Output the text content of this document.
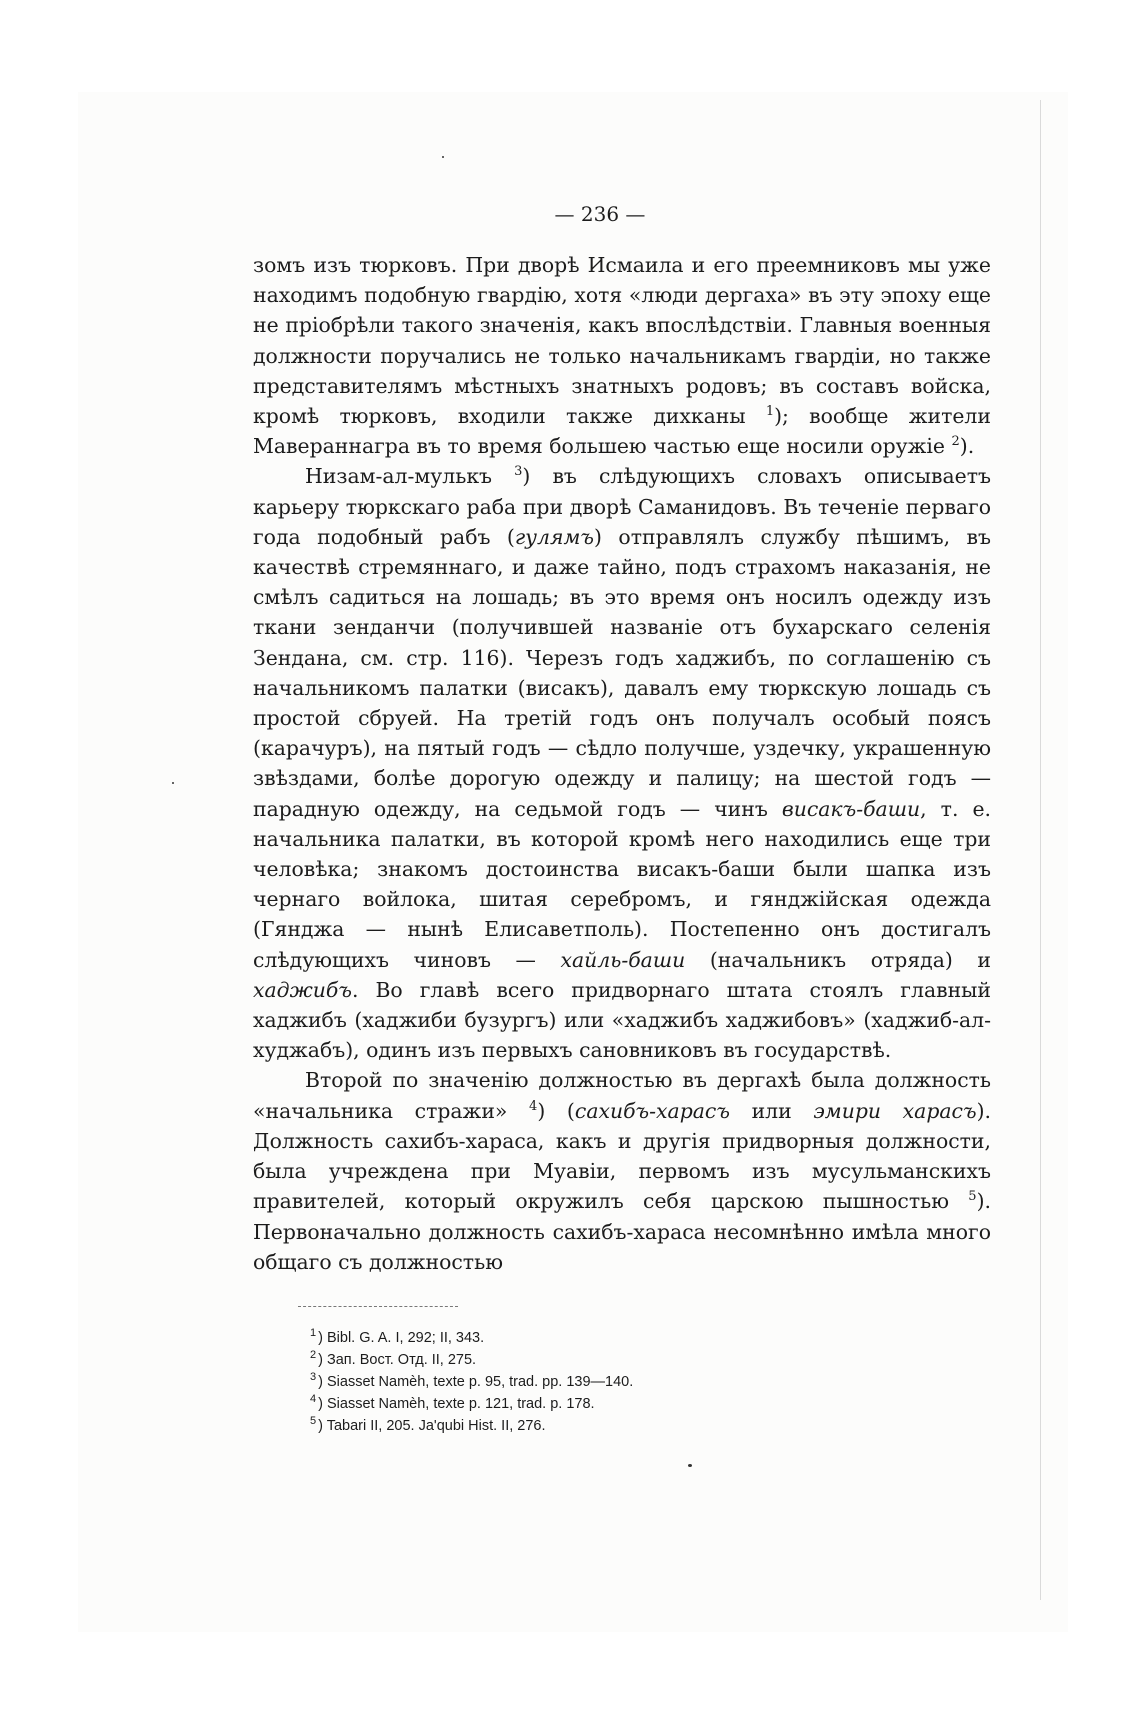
— 236 —

зомъ изъ тюрковъ. При дворѣ Исмаила и его преемниковъ мы уже находимъ подобную гвардію, хотя «люди дергаха» въ эту эпоху еще не пріобрѣли такого значенія, какъ впослѣдствіи. Главныя военныя должности поручались не только начальникамъ гвардіи, но также представителямъ мѣстныхъ знатныхъ родовъ; въ составъ войска, кромѣ тюрковъ, входили также дихканы $^1$); вообще жители Мавераннагра въ то время большею частью еще носили оружіе $^2$).

Низам-ал-мулькъ $^3$) въ слѣдующихъ словахъ описываетъ карьеру тюркскаго раба при дворѣ Саманидовъ. Въ теченіе перваго года подобный рабъ (гулямъ) отправлялъ службу пѣшимъ, въ качествѣ стремяннаго, и даже тайно, подъ страхомъ наказанія, не смѣлъ садиться на лошадь; въ это время онъ носилъ одежду изъ ткани зенданчи (получившей названіе отъ бухарскаго селенія Зендана, см. стр. 116). Черезъ годъ хаджибъ, по соглашенію съ начальникомъ палатки (висакъ), давалъ ему тюркскую лошадь съ простой сбруей. На третій годъ онъ получалъ особый поясъ (карачуръ), на пятый годъ — сѣдло получше, уздечку, украшенную звѣздами, болѣе дорогую одежду и палицу; на шестой годъ — парадную одежду, на седьмой годъ — чинъ висакъ-баши, т. е. начальника палатки, въ которой кромѣ него находились еще три человѣка; знакомъ достоинства висакъ-баши были шапка изъ чернаго войлока, шитая серебромъ, и гянджійская одежда (Гянджа — нынѣ Елисаветполь). Постепенно онъ достигалъ слѣдующихъ чиновъ — хайль-баши (начальникъ отряда) и хаджибъ. Во главѣ всего придворнаго штата стоялъ главный хаджибъ (хаджиби бузургъ) или «хаджибъ хаджибовъ» (хаджиб-ал-худжабъ), одинъ изъ первыхъ сановниковъ въ государствѣ.

Второй по значенію должностью въ дергахѣ была должность «начальника стражи» $^4$) (сахибъ-харасъ или эмири харасъ). Должность сахибъ-хараса, какъ и другія придворныя должности, была учреждена при Муавіи, первомъ изъ мусульманскихъ правителей, который окружилъ себя царскою пышностью $^5$). Первоначально должность сахибъ-хараса несомнѣнно имѣла много общаго съ должностью

$^1$ ) Bibl. G. A. I, 292; II, 343.

$^2$ ) Зап. Вост. Отд. II, 275.

$^3$ ) Siasset Namèh, texte p. 95, trad. pp. 139—140.

$^4$ ) Siasset Namèh, texte p. 121, trad. p. 178.

$^5$ ) Tabari II, 205. Ja'qubi Hist. II, 276.
